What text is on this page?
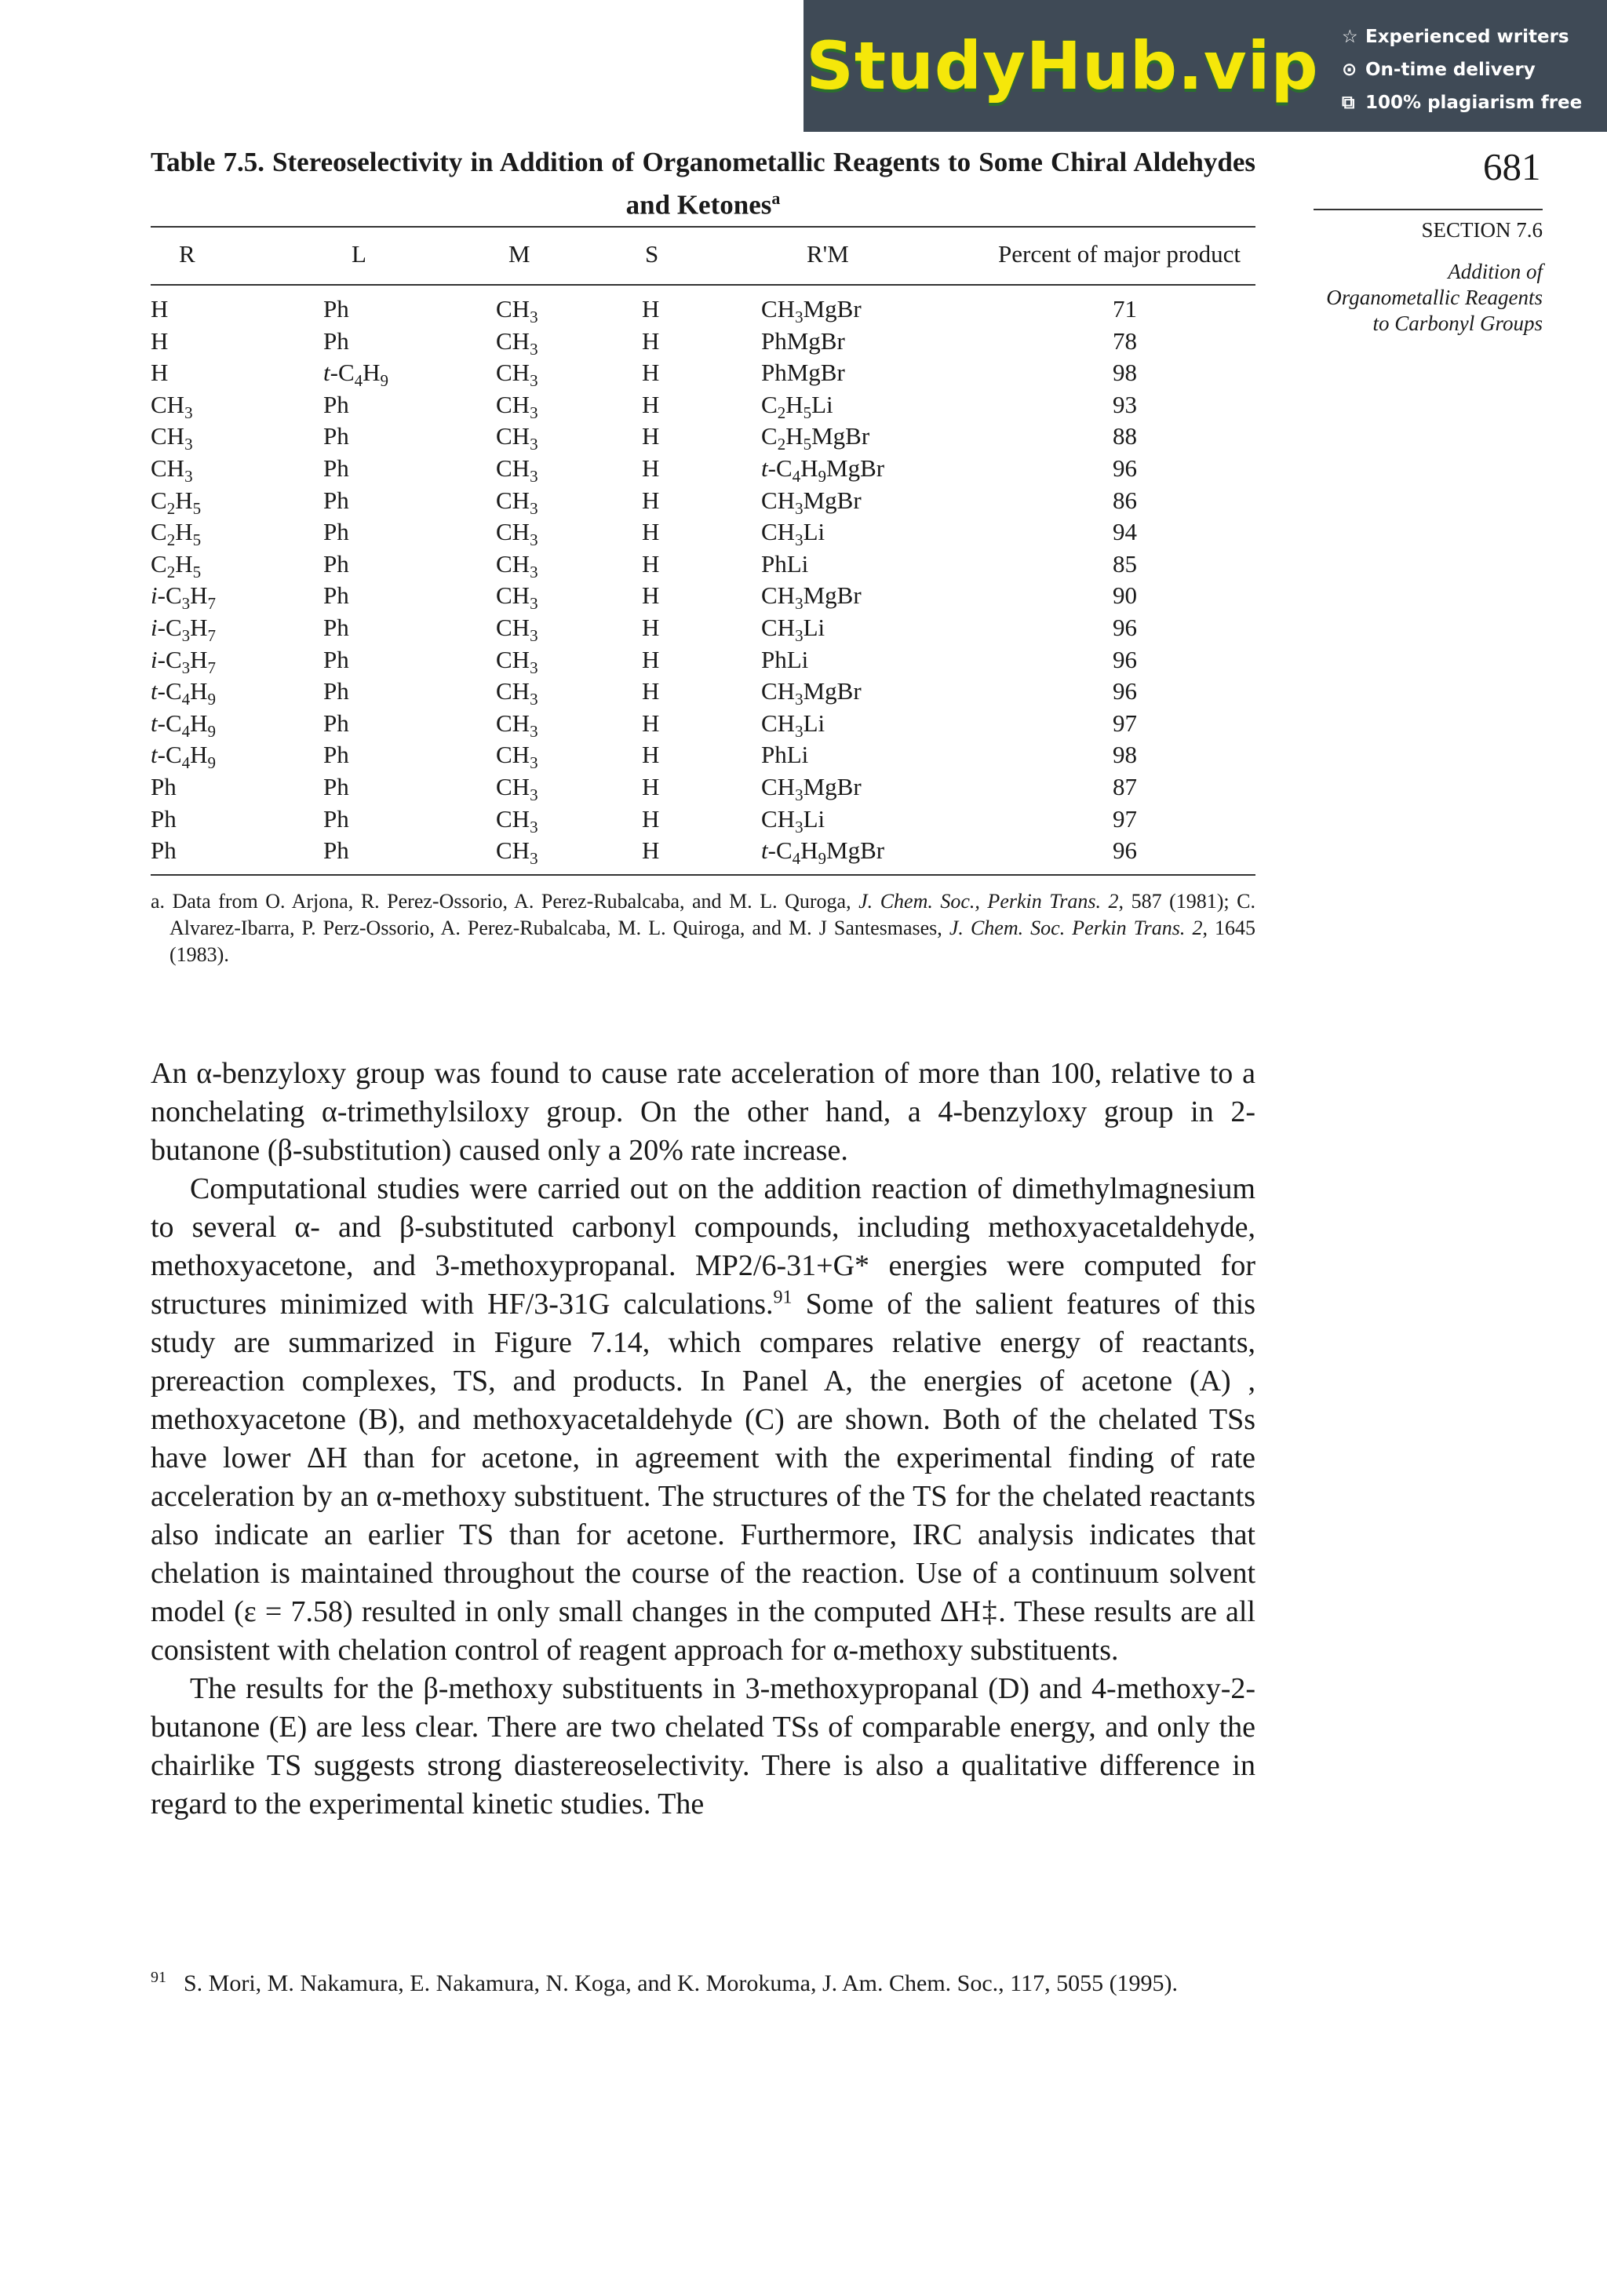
StudyHub.vip ☆ Experienced writers
⊙ On-time delivery
⧉ 100% plagiarism free
681
SECTION 7.6
Addition of Organometallic Reagents to Carbonyl Groups
Table 7.5. Stereoselectivity in Addition of Organometallic Reagents to Some Chiral Aldehydes and Ketones$^a$
R	L	M	S	R'M	Percent of major product
H	Ph	$CH_3$	H	$CH_3MgBr$	71
H	Ph	$CH_3$	H	PhMgBr	78
H	$t-C_4H_9$	$CH_3$	H	PhMgBr	98
$CH_3$	Ph	$CH_3$	H	$C_2H_5Li$	93
$CH_3$	Ph	$CH_3$	H	$C_2H_5MgBr$	88
$CH_3$	Ph	$CH_3$	H	$t-C_4H_9MgBr$	96
$C_2H_5$	Ph	$CH_3$	H	$CH_3MgBr$	86
$C_2H_5$	Ph	$CH_3$	H	$CH_3Li$	94
$C_2H_5$	Ph	$CH_3$	H	PhLi	85
$i-C_3H_7$	Ph	$CH_3$	H	$CH_3MgBr$	90
$i-C_3H_7$	Ph	$CH_3$	H	$CH_3Li$	96
$i-C_3H_7$	Ph	$CH_3$	H	PhLi	96
$t-C_4H_9$	Ph	$CH_3$	H	$CH_3MgBr$	96
$t-C_4H_9$	Ph	$CH_3$	H	$CH_3Li$	97
$t-C_4H_9$	Ph	$CH_3$	H	PhLi	98
Ph	Ph	$CH_3$	H	$CH_3MgBr$	87
Ph	Ph	$CH_3$	H	$CH_3Li$	97
Ph	Ph	$CH_3$	H	$t-C_4H_9MgBr$	96
a. Data from O. Arjona, R. Perez-Ossorio, A. Perez-Rubalcaba, and M. L. Quroga, J. Chem. Soc., Perkin Trans. 2, 587 (1981); C. Alvarez-Ibarra, P. Perz-Ossorio, A. Perez-Rubalcaba, M. L. Quiroga, and M. J Santesmases, J. Chem. Soc. Perkin Trans. 2, 1645 (1983).

An α-benzyloxy group was found to cause rate acceleration of more than 100, relative to a nonchelating α-trimethylsiloxy group. On the other hand, a 4-benzyloxy group in 2-butanone (β-substitution) caused only a 20% rate increase.

Computational studies were carried out on the addition reaction of dimethylmagnesium to several α- and β-substituted carbonyl compounds, including methoxyacetaldehyde, methoxyacetone, and 3-methoxypropanal. MP2/6-31+G* energies were computed for structures minimized with HF/3-31G calculations.$^{91}$ Some of the salient features of this study are summarized in Figure 7.14, which compares relative energy of reactants, prereaction complexes, TS, and products. In Panel A, the energies of acetone (A) , methoxyacetone (B), and methoxyacetaldehyde (C) are shown. Both of the chelated TSs have lower ΔH than for acetone, in agreement with the experimental finding of rate acceleration by an α-methoxy substituent. The structures of the TS for the chelated reactants also indicate an earlier TS than for acetone. Furthermore, IRC analysis indicates that chelation is maintained throughout the course of the reaction. Use of a continuum solvent model (ε = 7.58) resulted in only small changes in the computed ΔH‡. These results are all consistent with chelation control of reagent approach for α-methoxy substituents.

The results for the β-methoxy substituents in 3-methoxypropanal (D) and 4-methoxy-2-butanone (E) are less clear. There are two chelated TSs of comparable energy, and only the chairlike TS suggests strong diastereoselectivity. There is also a qualitative difference in regard to the experimental kinetic studies. The

$^{91}$ S. Mori, M. Nakamura, E. Nakamura, N. Koga, and K. Morokuma, J. Am. Chem. Soc., 117, 5055 (1995).
